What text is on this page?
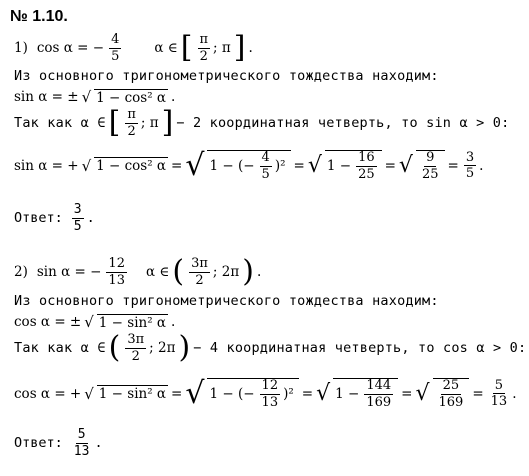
№ 1.10.
1) cos α = − $\frac{4}{5}$ α ∈ [ $\frac{\pi}{2}$ ; π ] .
Из основного тригонометрического тождества находим:
sin α = ± √ 1 − cos² α .
Так как α ∈ [ $\frac{\pi}{2}$ ; π ] − 2 координатная четверть, то sin α > 0:
sin α = + √ 1 − cos² α = √ 1 − (− $\frac{4}{5} )^2$ = √ $1 - \frac{16}{25}$ = √ $\frac{9}{25} = \frac{3}{5}$ .
Ответ: $\frac{3}{5}$ .
2) sin α = − $\frac{12}{13}$ α ∈ ( $\frac{3\pi}{2}$ ; 2π ) .
Из основного тригонометрического тождества находим:
cos α = ± √ 1 − sin² α .
Так как α ∈ ( $\frac{3\pi}{2}$ ; 2π ) − 4 координатная четверть, то cos α > 0:
cos α = + √ 1 − sin² α = √ 1 − (− $\frac{12}{13} )^2$ = √ $1 - \frac{144}{169}$ = √ $\frac{25}{169} = \frac{5}{13}$ .
Ответ: $\frac{5}{13}$ .
